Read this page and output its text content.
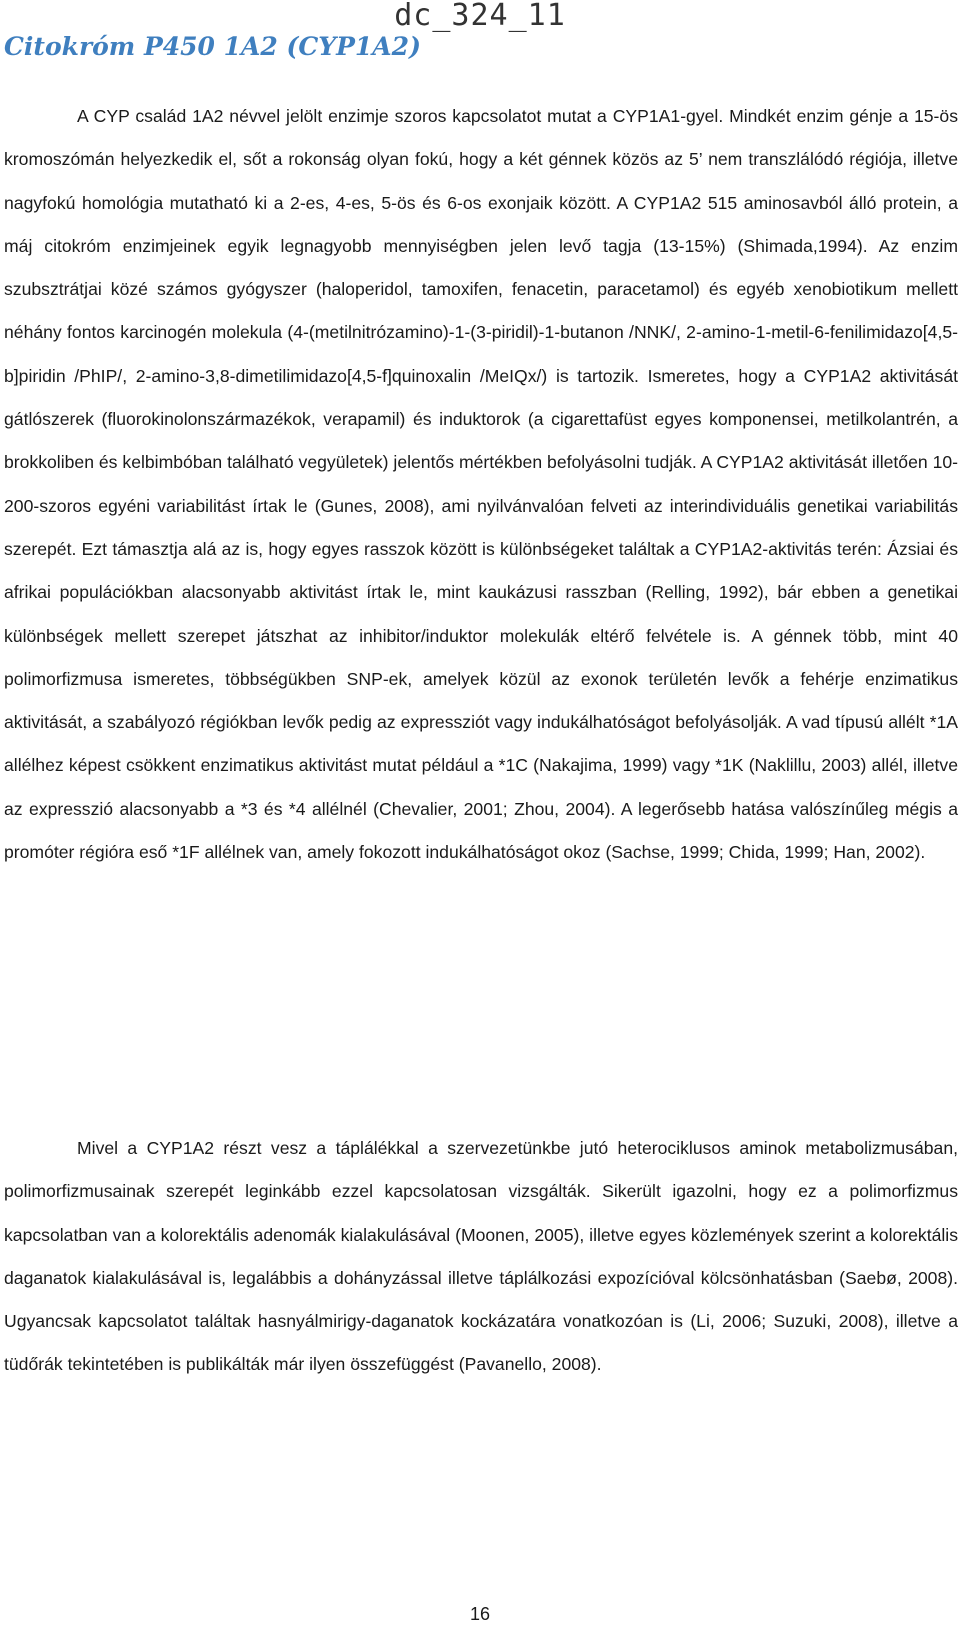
dc_324_11
Citokróm P450 1A2 (CYP1A2)

A CYP család 1A2 névvel jelölt enzimje szoros kapcsolatot mutat a CYP1A1-gyel. Mindkét enzim génje a 15-ös kromoszómán helyezkedik el, sőt a rokonság olyan fokú, hogy a két génnek közös az 5’ nem transzlálódó régiója, illetve nagyfokú homológia mutatható ki a 2-es, 4-es, 5-ös és 6-os exonjaik között. A CYP1A2 515 aminosavból álló protein, a máj citokróm enzimjeinek egyik legnagyobb mennyiségben jelen levő tagja (13-15%) (Shimada,1994). Az enzim szubsztrátjai közé számos gyógyszer (haloperidol, tamoxifen, fenacetin, paracetamol) és egyéb xenobiotikum mellett néhány fontos karcinogén molekula (4-(metilnitrózamino)-1-(3-piridil)-1-butanon /NNK/, 2-amino-1-metil-6-fenilimidazo[4,5-b]piridin /PhIP/, 2-amino-3,8-dimetilimidazo[4,5-f]quinoxalin /MeIQx/) is tartozik. Ismeretes, hogy a CYP1A2 aktivitását gátlószerek (fluorokinolonszármazékok, verapamil) és induktorok (a cigarettafüst egyes komponensei, metilkolantrén, a brokkoliben és kelbimbóban található vegyületek) jelentős mértékben befolyásolni tudják. A CYP1A2 aktivitását illetően 10-200-szoros egyéni variabilitást írtak le (Gunes, 2008), ami nyilvánvalóan felveti az interindividuális genetikai variabilitás szerepét. Ezt támasztja alá az is, hogy egyes rasszok között is különbségeket találtak a CYP1A2-aktivitás terén: Ázsiai és afrikai populációkban alacsonyabb aktivitást írtak le, mint kaukázusi rasszban (Relling, 1992), bár ebben a genetikai különbségek mellett szerepet játszhat az inhibitor/induktor molekulák eltérő felvétele is. A génnek több, mint 40 polimorfizmusa ismeretes, többségükben SNP-ek, amelyek közül az exonok területén levők a fehérje enzimatikus aktivitását, a szabályozó régiókban levők pedig az expressziót vagy indukálhatóságot befolyásolják. A vad típusú allélt *1A allélhez képest csökkent enzimatikus aktivitást mutat például a *1C (Nakajima, 1999) vagy *1K (Naklillu, 2003) allél, illetve az expresszió alacsonyabb a *3 és *4 allélnél (Chevalier, 2001; Zhou, 2004). A legerősebb hatása valószínűleg mégis a promóter régióra eső *1F allélnek van, amely fokozott indukálhatóságot okoz (Sachse, 1999; Chida, 1999; Han, 2002).

Mivel a CYP1A2 részt vesz a táplálékkal a szervezetünkbe jutó heterociklusos aminok metabolizmusában, polimorfizmusainak szerepét leginkább ezzel kapcsolatosan vizsgálták. Sikerült igazolni, hogy ez a polimorfizmus kapcsolatban van a kolorektális adenomák kialakulásával (Moonen, 2005), illetve egyes közlemények szerint a kolorektális daganatok kialakulásával is, legalábbis a dohányzással illetve táplálkozási expozícióval kölcsönhatásban (Saebø, 2008). Ugyancsak kapcsolatot találtak hasnyálmirigy-daganatok kockázatára vonatkozóan is (Li, 2006; Suzuki, 2008), illetve a tüdőrák tekintetében is publikálták már ilyen összefüggést (Pavanello, 2008).

16
